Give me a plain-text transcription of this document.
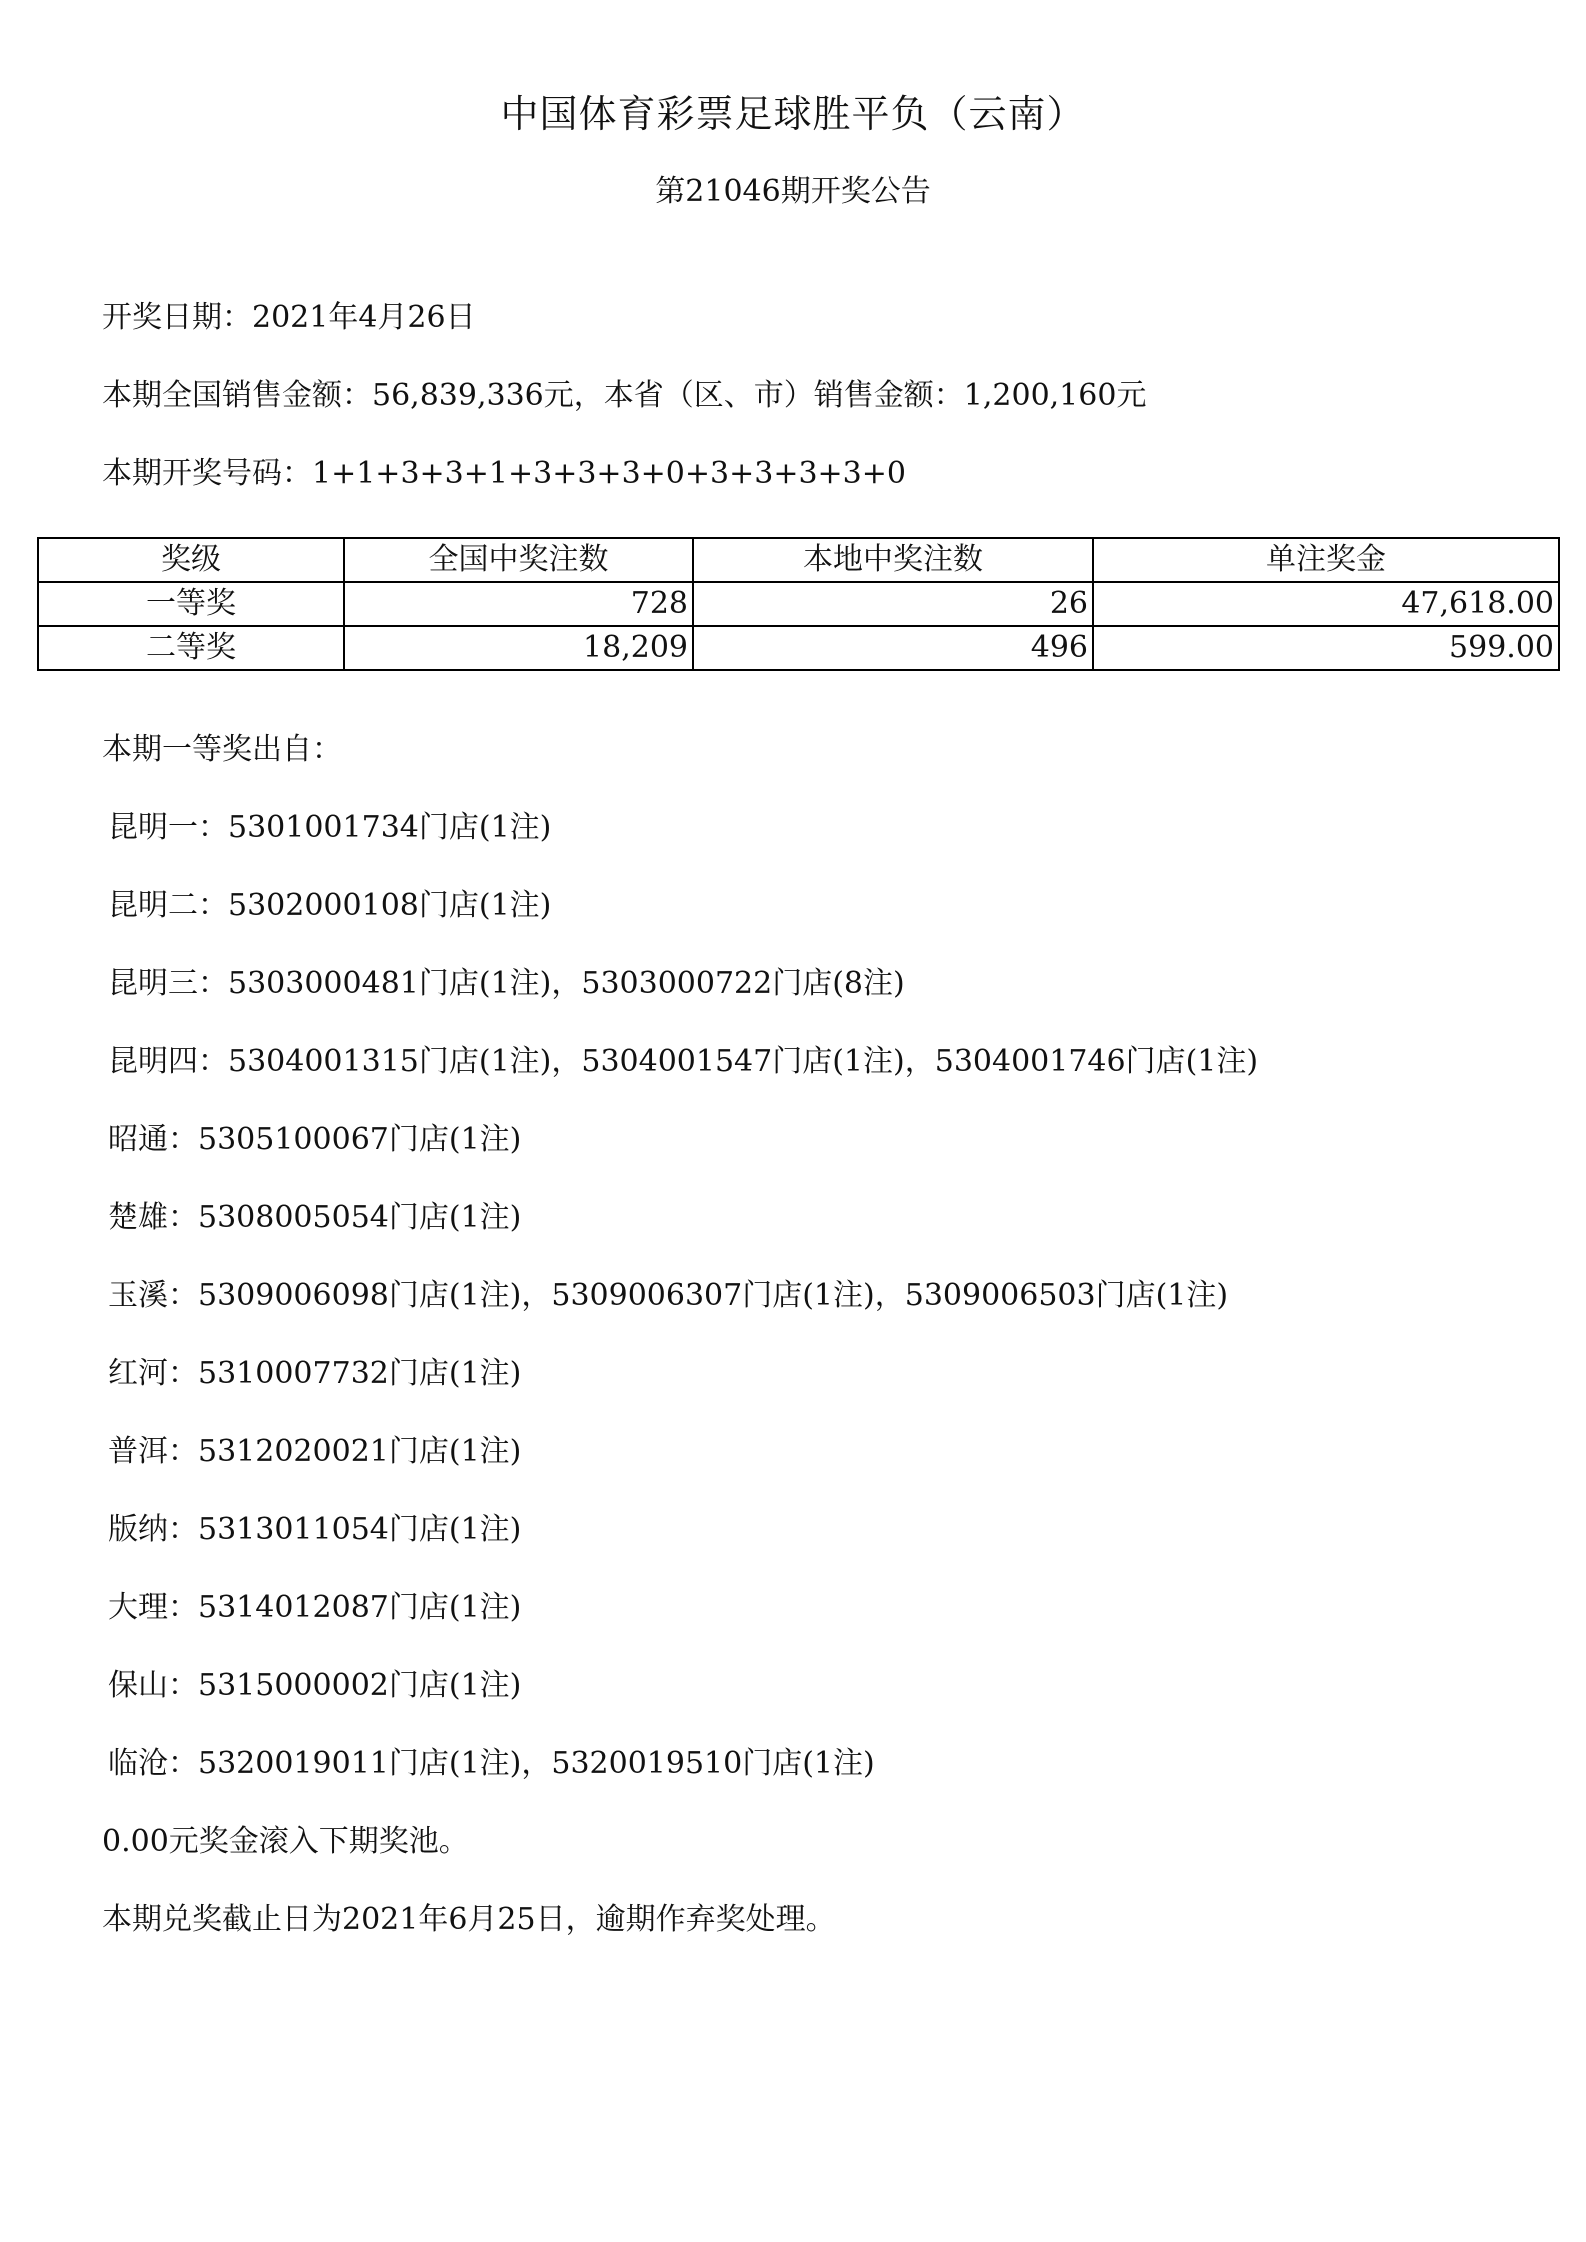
中国体育彩票足球胜平负（云南）
第21046期开奖公告
开奖日期：2021年4月26日
本期全国销售金额：56,839,336元，本省（区、市）销售金额：1,200,160元
本期开奖号码：1+1+3+3+1+3+3+3+0+3+3+3+3+0
奖级	全国中奖注数	本地中奖注数	单注奖金
一等奖	728	26	47,618.00
二等奖	18,209	496	599.00
本期一等奖出自：
昆明一：5301001734门店(1注)
昆明二：5302000108门店(1注)
昆明三：5303000481门店(1注)，5303000722门店(8注)
昆明四：5304001315门店(1注)，5304001547门店(1注)，5304001746门店(1注)
昭通：5305100067门店(1注)
楚雄：5308005054门店(1注)
玉溪：5309006098门店(1注)，5309006307门店(1注)，5309006503门店(1注)
红河：5310007732门店(1注)
普洱：5312020021门店(1注)
版纳：5313011054门店(1注)
大理：5314012087门店(1注)
保山：5315000002门店(1注)
临沧：5320019011门店(1注)，5320019510门店(1注)
0.00元奖金滚入下期奖池。
本期兑奖截止日为2021年6月25日，逾期作弃奖处理。
